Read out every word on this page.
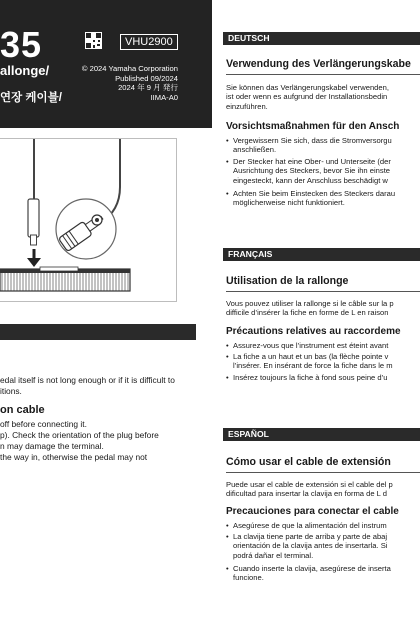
35
allonge/
연장 케이블/
VHU2900
© 2024 Yamaha Corporation
Published 09/2024
2024 年 9 月 発行
IIMA-A0
edal itself is not long enough or if it is difficult to
itions.
on cable
off before connecting it.
p). Check the orientation of the plug before
n may damage the terminal.
the way in, otherwise the pedal may not
DEUTSCH
Verwendung des Verlängerungskabe
Sie können das Verlängerungskabel verwenden,
ist oder wenn es aufgrund der Installationsbedin
einzuführen.
Vorsichtsmaßnahmen für den Ansch
• Vergewissern Sie sich, dass die Stromversorgu
anschließen.
• Der Stecker hat eine Ober- und Unterseite (der
Ausrichtung des Steckers, bevor Sie ihn einste
eingesteckt, kann der Anschluss beschädigt w
• Achten Sie beim Einstecken des Steckers darau
möglicherweise nicht funktioniert.
FRANÇAIS
Utilisation de la rallonge
Vous pouvez utiliser la rallonge si le câble sur la p
difficile d’insérer la fiche en forme de L en raison
Précautions relatives au raccordeme
• Assurez-vous que l’instrument est éteint avant
• La fiche a un haut et un bas (la flèche pointe v
l’insérer. En insérant de force la fiche dans le m
• Insérez toujours la fiche à fond sous peine d’u
ESPAÑOL
Cómo usar el cable de extensión
Puede usar el cable de extensión si el cable del p
dificultad para insertar la clavija en forma de L d
Precauciones para conectar el cable
• Asegúrese de que la alimentación del instrum
• La clavija tiene parte de arriba y parte de abaj
orientación de la clavija antes de insertarla. Si
podrá dañar el terminal.
• Cuando inserte la clavija, asegúrese de inserta
funcione.
